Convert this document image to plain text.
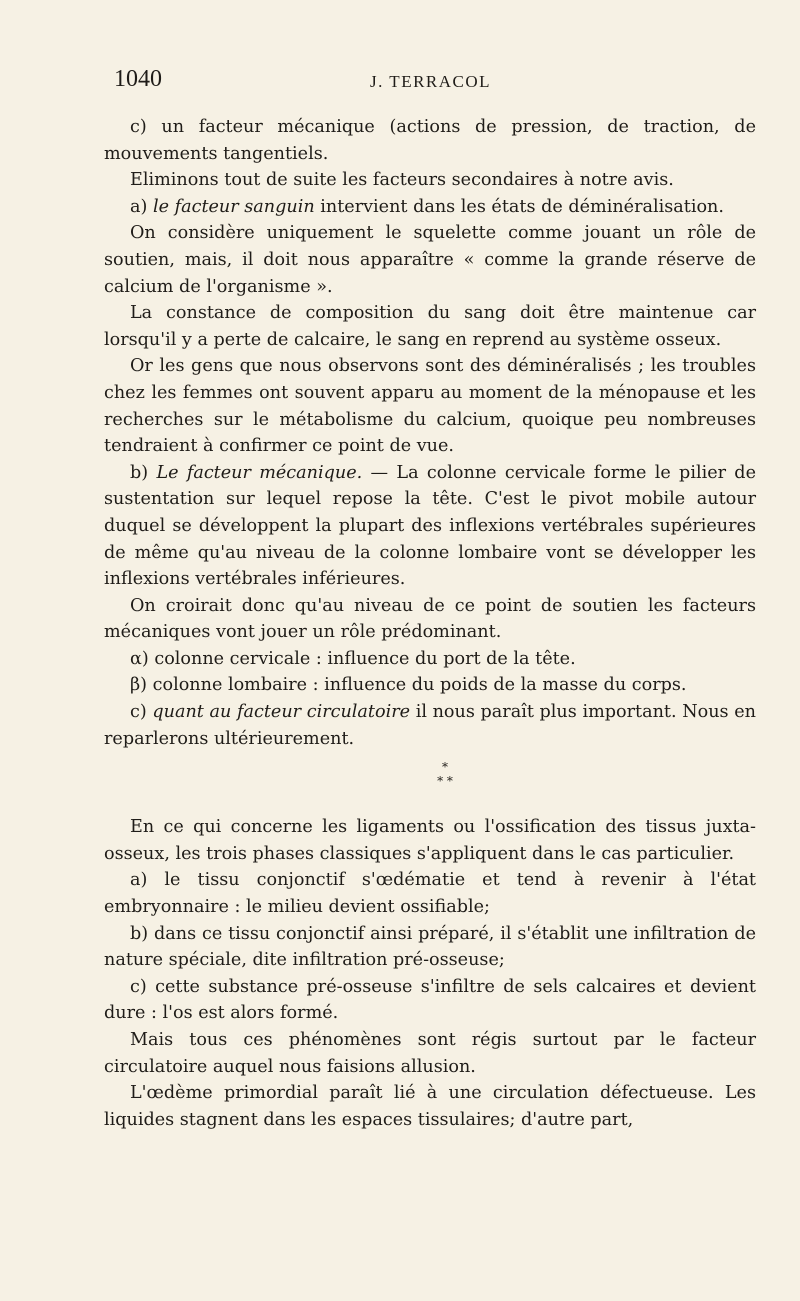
1040	J. TERRACOL

c) un facteur mécanique (actions de pression, de traction, de mouvements tangentiels.

Eliminons tout de suite les facteurs secondaires à notre avis.

a) le facteur sanguin intervient dans les états de déminéralisation.

On considère uniquement le squelette comme jouant un rôle de soutien, mais, il doit nous apparaître « comme la grande réserve de calcium de l'organisme ».

La constance de composition du sang doit être maintenue car lorsqu'il y a perte de calcaire, le sang en reprend au système osseux.

Or les gens que nous observons sont des déminéralisés ; les troubles chez les femmes ont souvent apparu au moment de la ménopause et les recherches sur le métabolisme du calcium, quoique peu nombreuses tendraient à confirmer ce point de vue.

b) Le facteur mécanique. — La colonne cervicale forme le pilier de sustentation sur lequel repose la tête. C'est le pivot mobile autour duquel se développent la plupart des inflexions vertébrales supérieures de même qu'au niveau de la colonne lombaire vont se développer les inflexions vertébrales inférieures.

On croirait donc qu'au niveau de ce point de soutien les facteurs mécaniques vont jouer un rôle prédominant.

α) colonne cervicale : influence du port de la tête.

β) colonne lombaire : influence du poids de la masse du corps.

c) quant au facteur circulatoire il nous paraît plus important. Nous en reparlerons ultérieurement.

*
* *

En ce qui concerne les ligaments ou l'ossification des tissus juxta-osseux, les trois phases classiques s'appliquent dans le cas particulier.

a) le tissu conjonctif s'œdématie et tend à revenir à l'état embryonnaire : le milieu devient ossifiable;

b) dans ce tissu conjonctif ainsi préparé, il s'établit une infiltration de nature spéciale, dite infiltration pré-osseuse;

c) cette substance pré-osseuse s'infiltre de sels calcaires et devient dure : l'os est alors formé.

Mais tous ces phénomènes sont régis surtout par le facteur circulatoire auquel nous faisions allusion.

L'œdème primordial paraît lié à une circulation défectueuse. Les liquides stagnent dans les espaces tissulaires; d'autre part,
